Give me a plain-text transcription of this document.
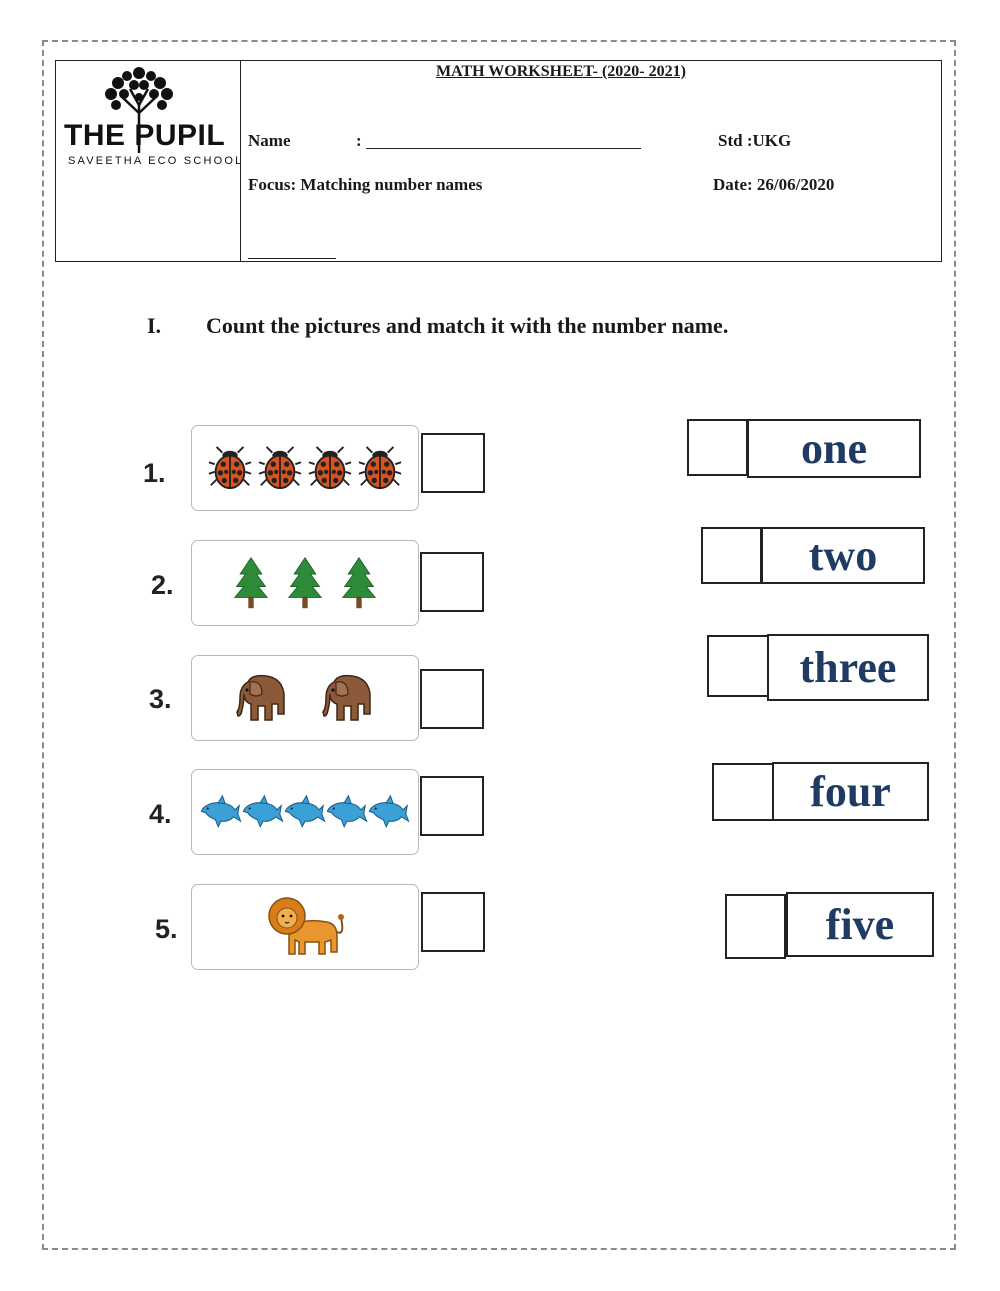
THE PUPIL
SAVEETHA ECO SCHOOL
MATH WORKSHEET- (2020- 2021)
Name	:	Std :UKG
Focus: Matching number names	Date: 26/06/2020
I. Count the pictures and match it with the number name.
1.
2.
3.
4.
5.
one
two
three
four
five
